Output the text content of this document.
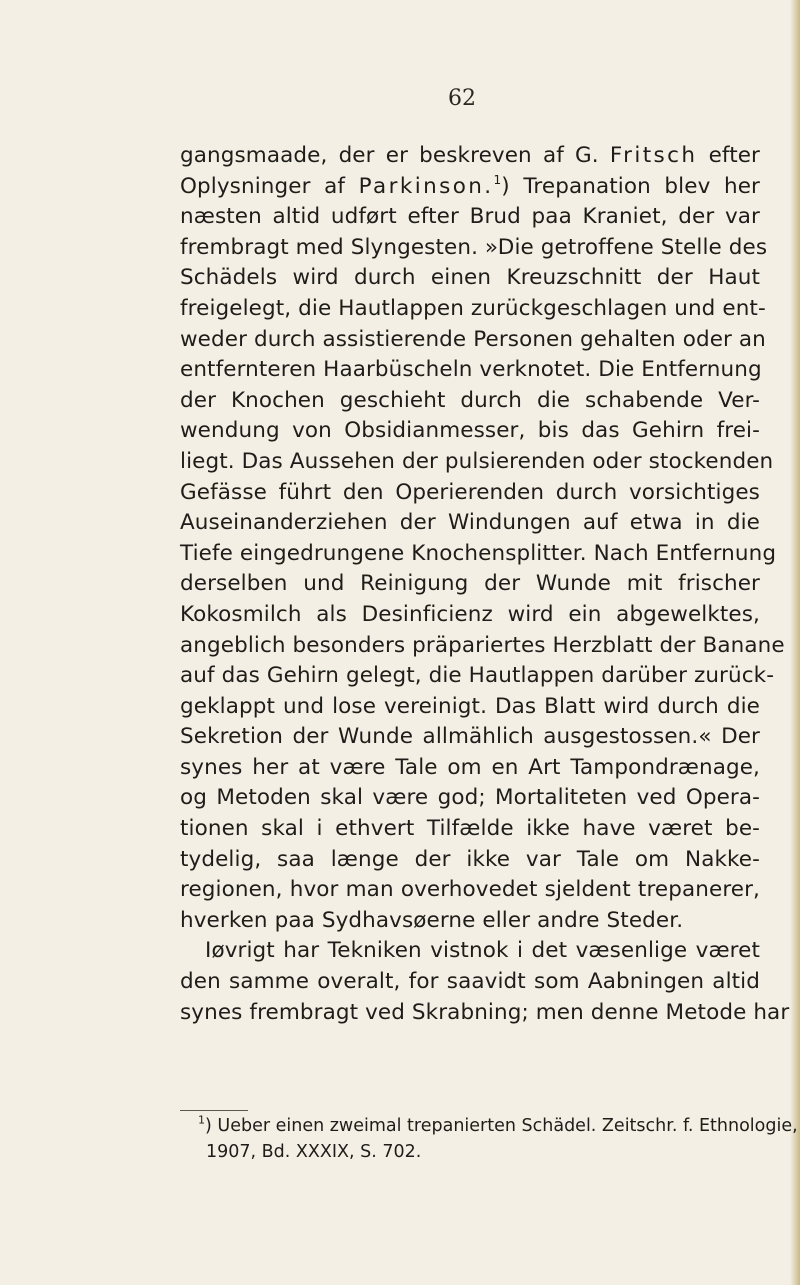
62
gangsmaade, der er beskreven af G. Fritsch efter
Oplysninger af Parkinson.$^1$) Trepanation blev her
næsten altid udført efter Brud paa Kraniet, der var
frembragt med Slyngesten. »Die getroffene Stelle des
Schädels wird durch einen Kreuzschnitt der Haut
freigelegt, die Hautlappen zurückgeschlagen und ent-
weder durch assistierende Personen gehalten oder an
entfernteren Haarbüscheln verknotet. Die Entfernung
der Knochen geschieht durch die schabende Ver-
wendung von Obsidianmesser, bis das Gehirn frei-
liegt. Das Aussehen der pulsierenden oder stockenden
Gefässe führt den Operierenden durch vorsichtiges
Auseinanderziehen der Windungen auf etwa in die
Tiefe eingedrungene Knochensplitter. Nach Entfernung
derselben und Reinigung der Wunde mit frischer
Kokosmilch als Desinficienz wird ein abgewelktes,
angeblich besonders präpariertes Herzblatt der Banane
auf das Gehirn gelegt, die Hautlappen darüber zurück-
geklappt und lose vereinigt. Das Blatt wird durch die
Sekretion der Wunde allmählich ausgestossen.« Der
synes her at være Tale om en Art Tampondrænage,
og Metoden skal være god; Mortaliteten ved Opera-
tionen skal i ethvert Tilfælde ikke have været be-
tydelig, saa længe der ikke var Tale om Nakke-
regionen, hvor man overhovedet sjeldent trepanerer,
hverken paa Sydhavsøerne eller andre Steder.
Iøvrigt har Tekniken vistnok i det væsenlige været
den samme overalt, for saavidt som Aabningen altid
synes frembragt ved Skrabning; men denne Metode har
$^1$) Ueber einen zweimal trepanierten Schädel. Zeitschr. f. Ethnologie,
1907, Bd. XXXIX, S. 702.
